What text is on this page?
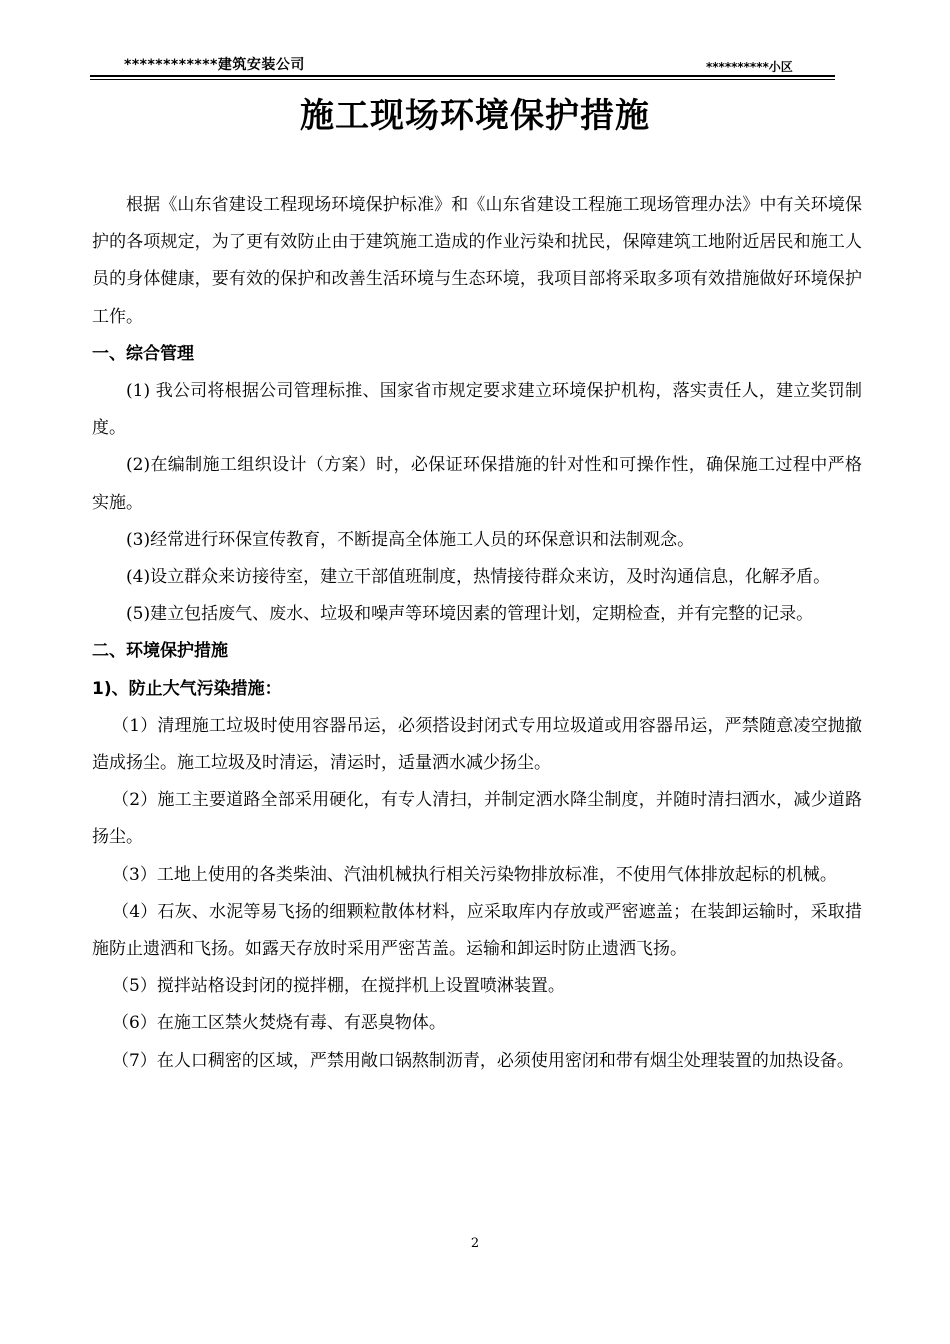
************建筑安装公司	**********小区
施工现场环境保护措施

根据《山东省建设工程现场环境保护标准》和《山东省建设工程施工现场管理办法》中有关环境保护的各项规定，为了更有效防止由于建筑施工造成的作业污染和扰民，保障建筑工地附近居民和施工人员的身体健康，要有效的保护和改善生活环境与生态环境，我项目部将采取多项有效措施做好环境保护工作。

一、综合管理

(1) 我公司将根据公司管理标推、国家省市规定要求建立环境保护机构，落实责任人，建立奖罚制度。

(2)在编制施工组织设计（方案）时，必保证环保措施的针对性和可操作性，确保施工过程中严格实施。

(3)经常进行环保宣传教育，不断提高全体施工人员的环保意识和法制观念。

(4)设立群众来访接待室，建立干部值班制度，热情接待群众来访，及时沟通信息，化解矛盾。

(5)建立包括废气、废水、垃圾和噪声等环境因素的管理计划，定期检查，并有完整的记录。

二、环境保护措施

1)、防止大气污染措施：

（1）清理施工垃圾时使用容器吊运，必须搭设封闭式专用垃圾道或用容器吊运，严禁随意凌空抛撤造成扬尘。施工垃圾及时清运，清运时，适量洒水减少扬尘。

（2）施工主要道路全部采用硬化，有专人清扫，并制定洒水降尘制度，并随时清扫洒水，减少道路扬尘。

（3）工地上使用的各类柴油、汽油机械执行相关污染物排放标准，不使用气体排放起标的机械。

（4）石灰、水泥等易飞扬的细颗粒散体材料，应采取库内存放或严密遮盖；在装卸运输时，采取措施防止遗洒和飞扬。如露天存放时采用严密苫盖。运输和卸运时防止遗洒飞扬。

（5）搅拌站格设封闭的搅拌棚，在搅拌机上设置喷淋装置。

（6）在施工区禁火焚烧有毒、有恶臭物体。

（7）在人口稠密的区域，严禁用敞口锅熬制沥青，必须使用密闭和带有烟尘处理装置的加热设备。

2
